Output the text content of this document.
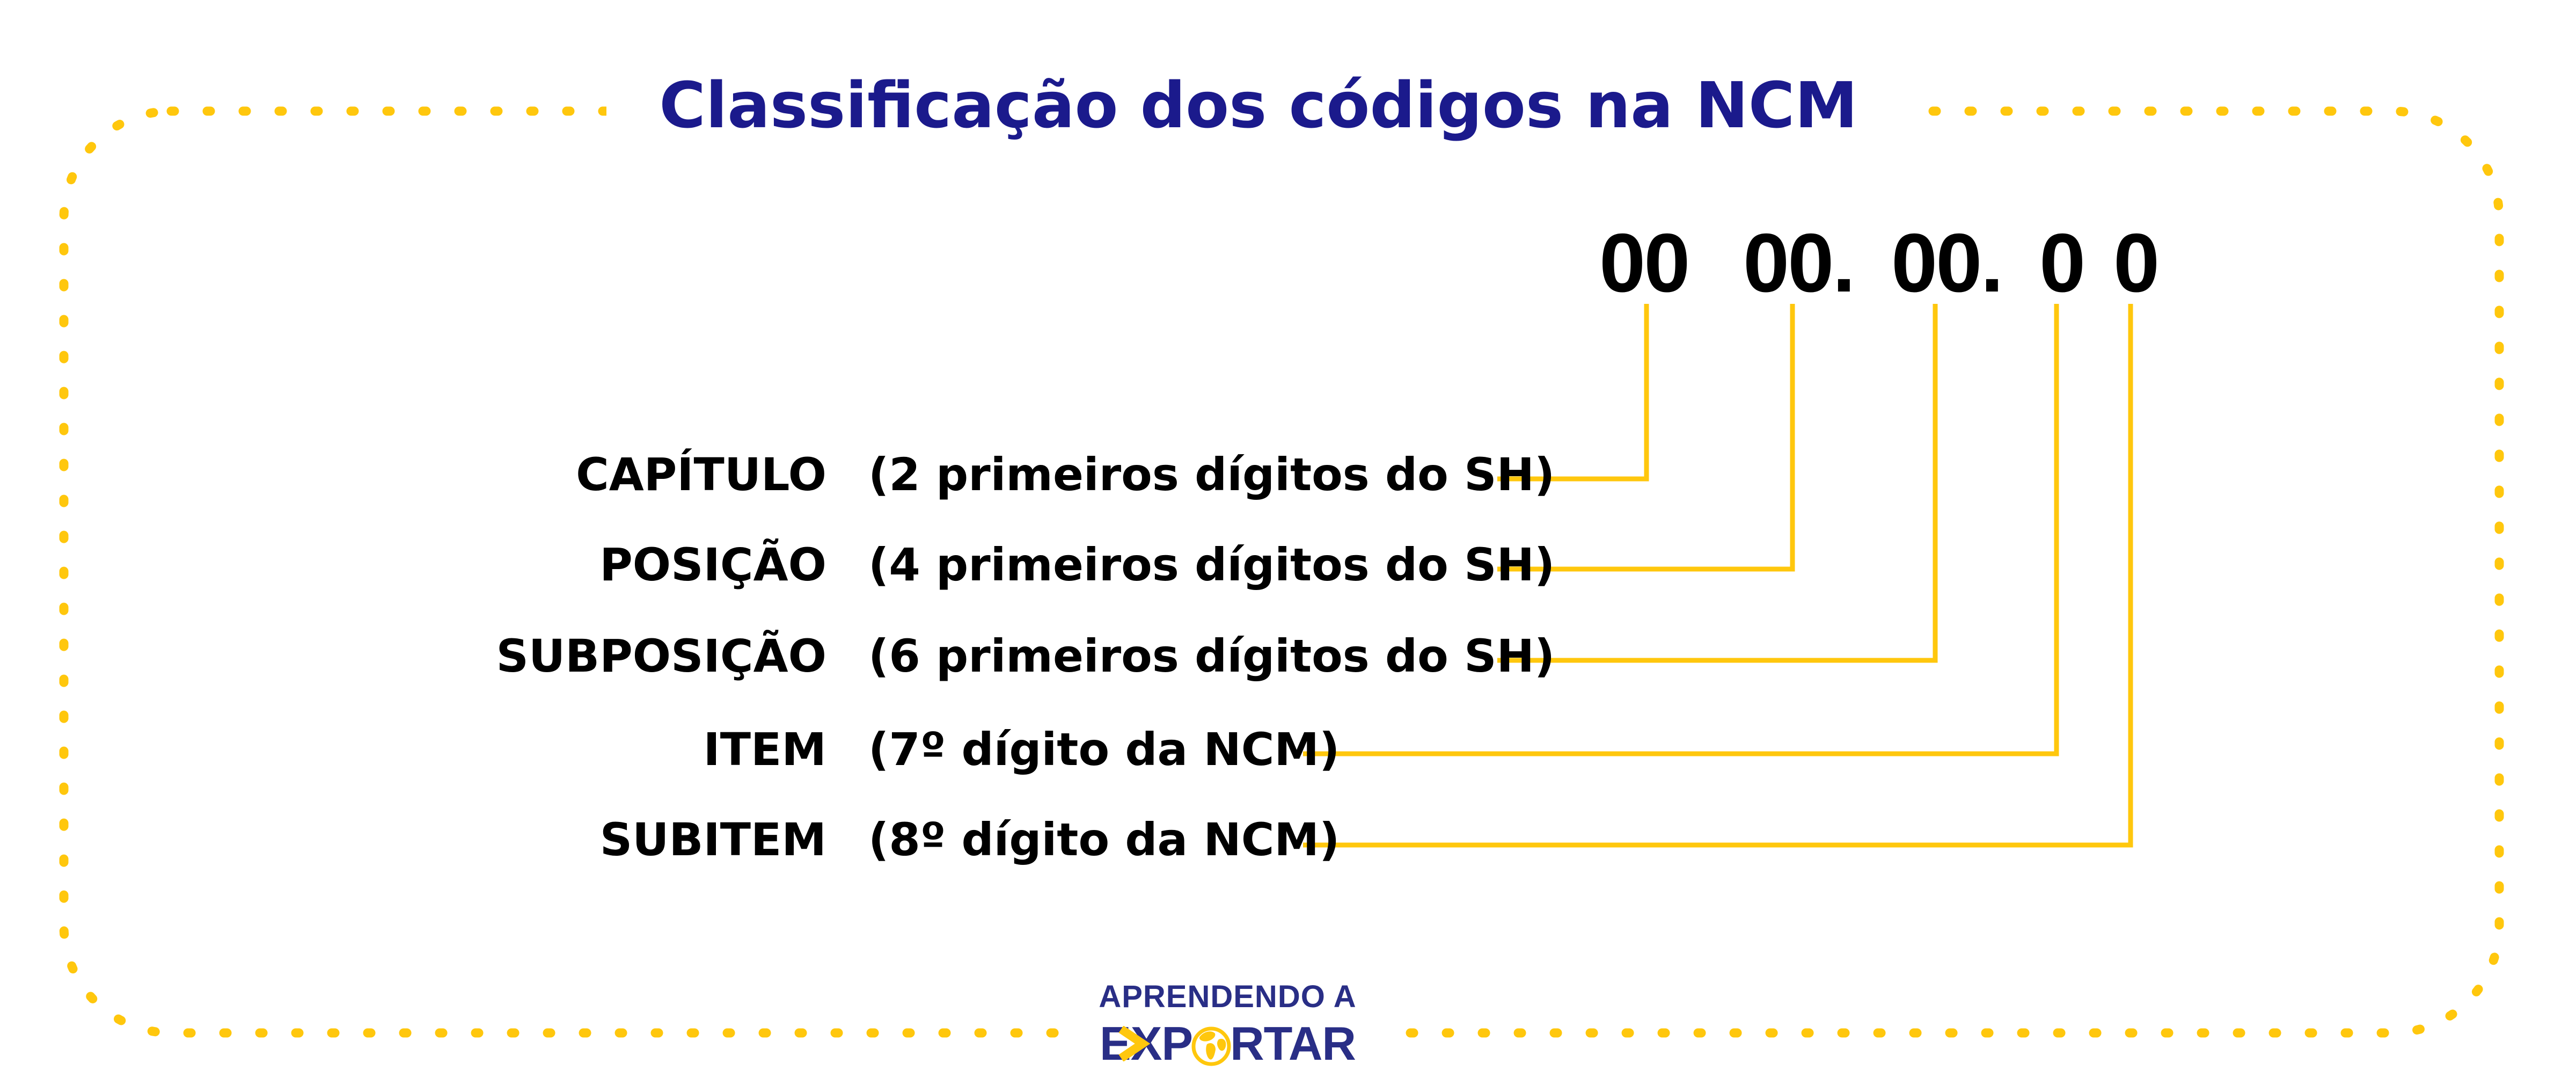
Classificação dos códigos na NCM
00 00. 00. 0 0
CAPÍTULO (2 primeiros dígitos do SH)
POSIÇÃO (4 primeiros dígitos do SH)
SUBPOSIÇÃO (6 primeiros dígitos do SH)
ITEM (7º dígito da NCM)
SUBITEM (8º dígito da NCM)
APRENDENDO A
E X P RTAR
